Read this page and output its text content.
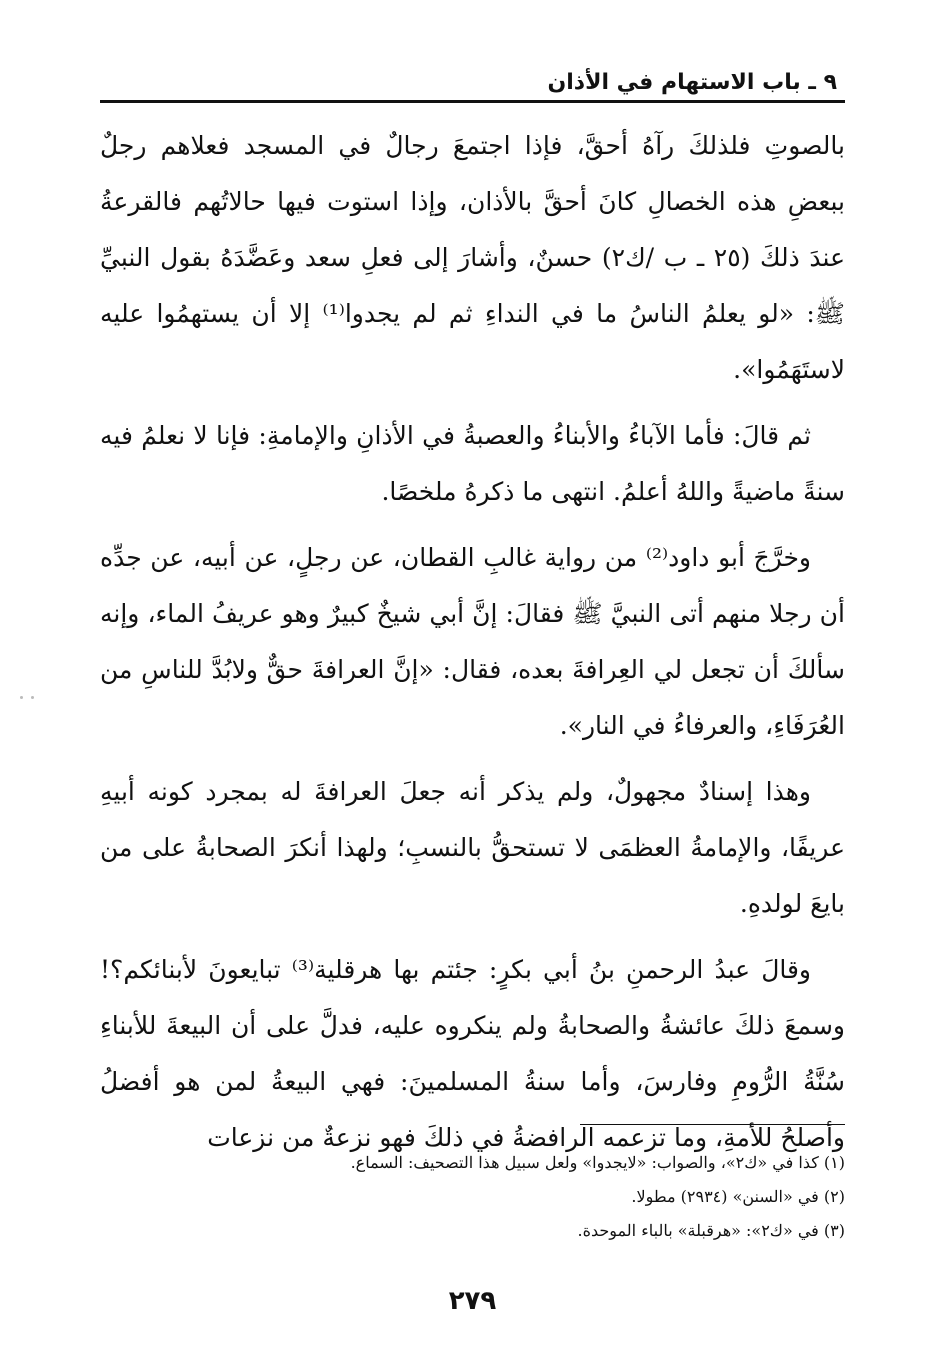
٩ ـ باب الاستهام في الأذان

بالصوتِ فلذلكَ رآهُ أحقَّ، فإذا اجتمعَ رجالٌ في المسجد فعلاهم رجلٌ ببعضِ هذه الخصالِ كانَ أحقَّ بالأذان، وإذا استوت فيها حالاتُهم فالقرعةُ عندَ ذلكَ (٢٥ ـ ب /ك٢) حسنٌ، وأشارَ إلى فعلِ سعد وعَضَّدَهُ بقول النبيِّ ﷺ: «لو يعلمُ الناسُ ما في النداءِ ثم لم يجدوا⁽¹⁾ إلا أن يستهمُوا عليه لاستَهَمُوا».

ثم قالَ: فأما الآباءُ والأبناءُ والعصبةُ في الأذانِ والإمامةِ: فإنا لا نعلمُ فيه سنةً ماضيةً واللهُ أعلمُ. انتهى ما ذكرهُ ملخصًا.

وخرَّجَ أبو داود⁽²⁾ من رواية غالبِ القطان، عن رجلٍ، عن أبيه، عن جدِّه أن رجلا منهم أتى النبيَّ ﷺ فقالَ: إنَّ أبي شيخٌ كبيرٌ وهو عريفُ الماء، وإنه سألكَ أن تجعل لي العِرافةَ بعده، فقال: «إنَّ العرافةَ حقٌّ ولابُدَّ للناسِ من العُرَفَاءِ، والعرفاءُ في النار».

وهذا إسنادٌ مجهولٌ، ولم يذكر أنه جعلَ العرافةَ له بمجرد كونه أبيهِ عريفًا، والإمامةُ العظمَى لا تستحقُّ بالنسبِ؛ ولهذا أنكرَ الصحابةُ على من بايعَ لولدهِ.

وقالَ عبدُ الرحمنِ بنُ أبي بكرٍ: جئتم بها هرقلية⁽³⁾ تبايعونَ لأبنائكم؟! وسمعَ ذلكَ عائشةُ والصحابةُ ولم ينكروه عليه، فدلَّ على أن البيعةَ للأبناءِ سُنَّةُ الرُّومِ وفارسَ، وأما سنةُ المسلمينَ: فهي البيعةُ لمن هو أفضلُ وأصلحُ للأمةِ، وما تزعمه الرافضةُ في ذلكَ فهو نزعةٌ من نزعات

(١) كذا في «ك٢»، والصواب: «لايجدوا» ولعل سبيل هذا التصحيف: السماع.

(٢) في «السنن» (٢٩٣٤) مطولا.

(٣) في «ك٢»: «هرقبلة» بالباء الموحدة.

٢٧٩
